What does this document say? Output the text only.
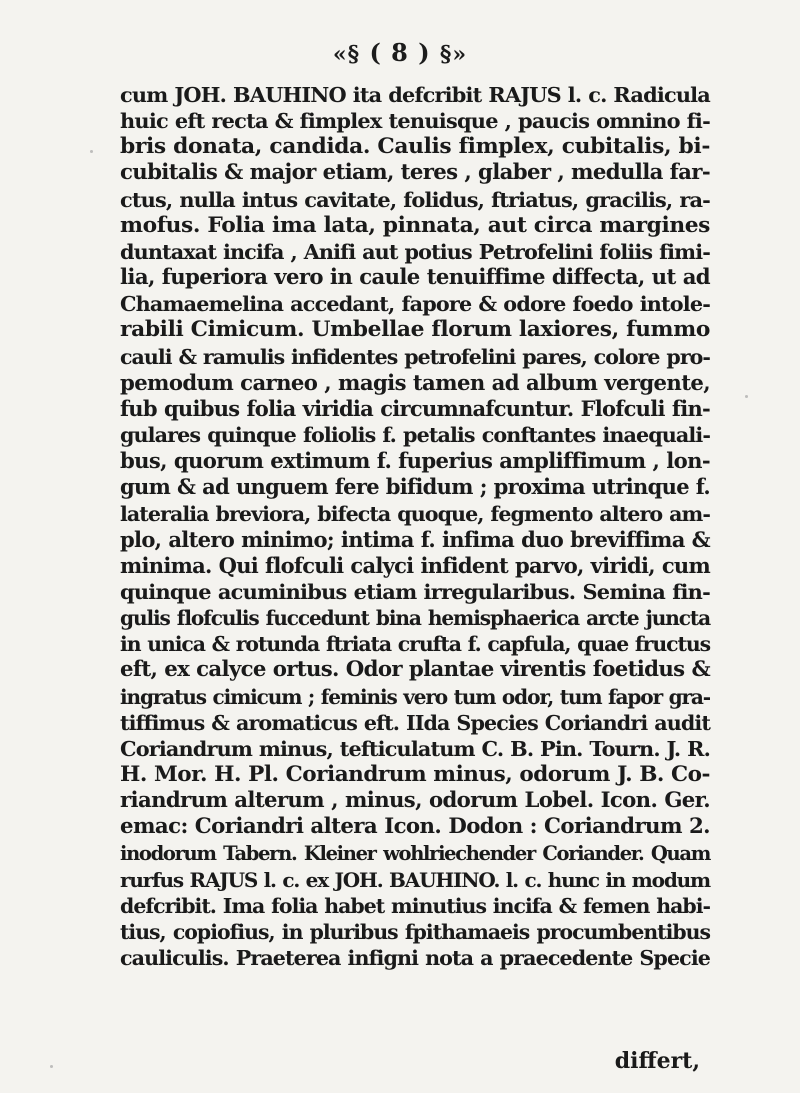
«§ ( 8 ) §»
cum JOH. BAUHINO ita defcribit RAJUS l. c. Radicula
huic eft recta & fimplex tenuisque , paucis omnino fi-
bris donata, candida. Caulis fimplex, cubitalis, bi-
cubitalis & major etiam, teres , glaber , medulla far-
ctus, nulla intus cavitate, folidus, ftriatus, gracilis, ra-
mofus. Folia ima lata, pinnata, aut circa margines
duntaxat incifa , Anifi aut potius Petrofelini foliis fimi-
lia, fuperiora vero in caule tenuiffime diffecta, ut ad
Chamaemelina accedant, fapore & odore foedo intole-
rabili Cimicum. Umbellae florum laxiores, fummo
cauli & ramulis infidentes petrofelini pares, colore pro-
pemodum carneo , magis tamen ad album vergente,
fub quibus folia viridia circumnafcuntur. Flofculi fin-
gulares quinque foliolis f. petalis conftantes inaequali-
bus, quorum extimum f. fuperius ampliffimum , lon-
gum & ad unguem fere bifidum ; proxima utrinque f.
lateralia breviora, bifecta quoque, fegmento altero am-
plo, altero minimo; intima f. infima duo breviffima &
minima. Qui flofculi calyci infident parvo, viridi, cum
quinque acuminibus etiam irregularibus. Semina fin-
gulis flofculis fuccedunt bina hemisphaerica arcte juncta
in unica & rotunda ftriata crufta f. capfula, quae fructus
eft, ex calyce ortus. Odor plantae virentis foetidus &
ingratus cimicum ; feminis vero tum odor, tum fapor gra-
tiffimus & aromaticus eft. IIda Species Coriandri audit
Coriandrum minus, tefticulatum C. B. Pin. Tourn. J. R.
H. Mor. H. Pl. Coriandrum minus, odorum J. B. Co-
riandrum alterum , minus, odorum Lobel. Icon. Ger.
emac: Coriandri altera Icon. Dodon : Coriandrum 2.
inodorum Tabern. Kleiner wohlriechender Coriander. Quam
rurfus RAJUS l. c. ex JOH. BAUHINO. l. c. hunc in modum
defcribit. Ima folia habet minutius incifa & femen habi-
tius, copiofius, in pluribus fpithamaeis procumbentibus
cauliculis. Praeterea infigni nota a praecedente Specie
differt,
